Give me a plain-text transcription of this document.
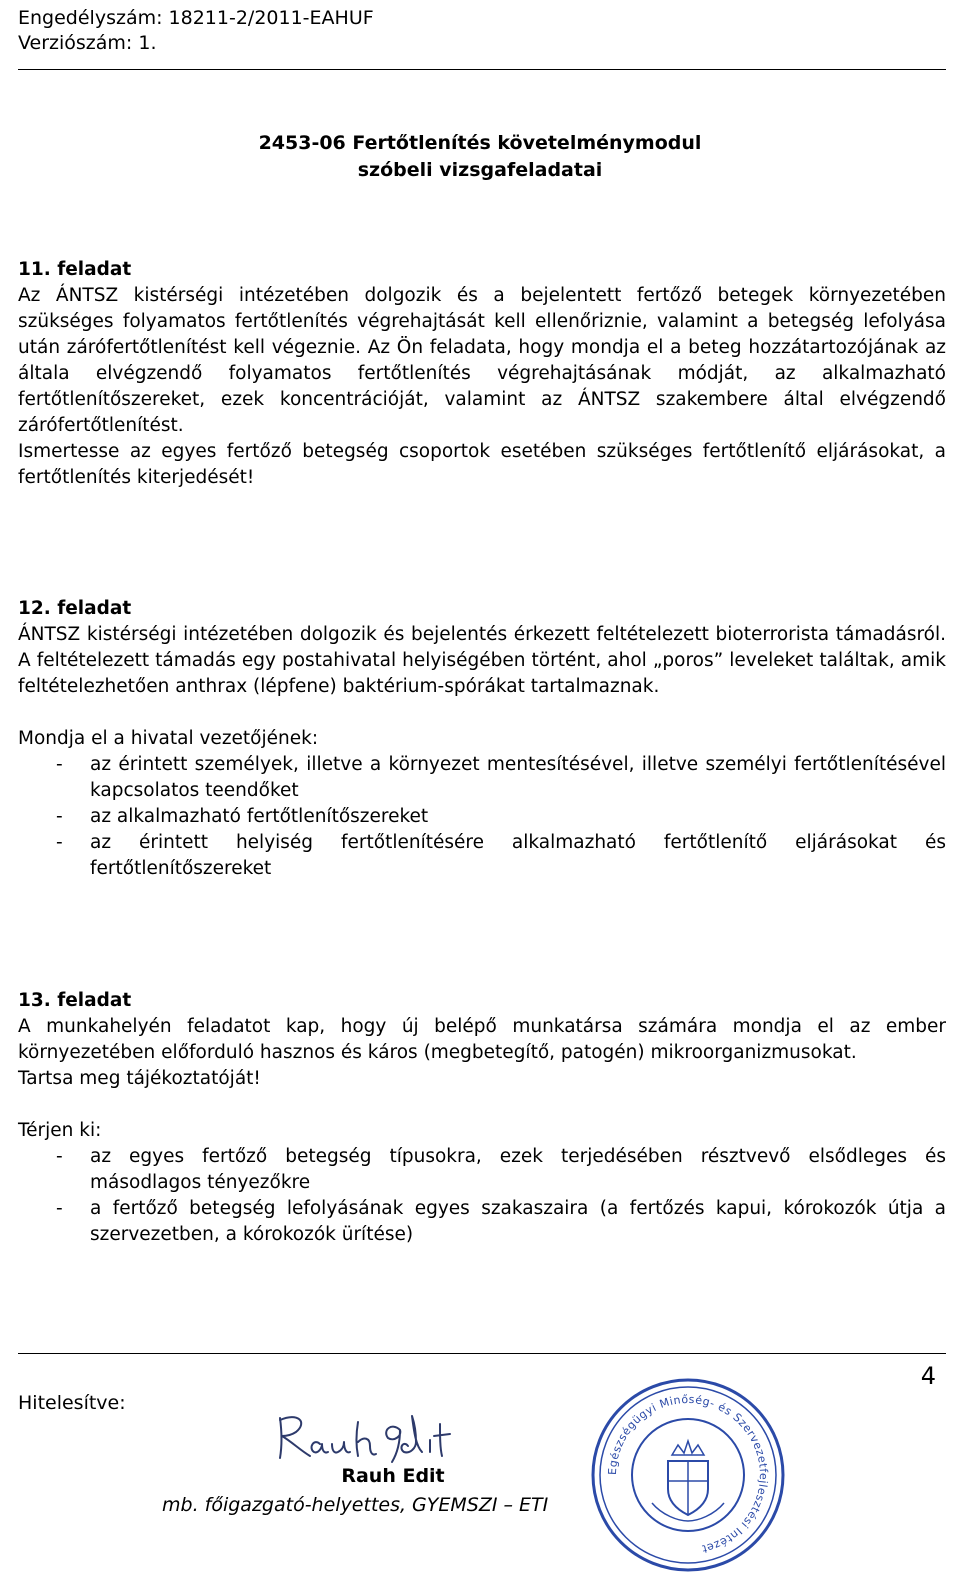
Engedélyszám: 18211-2/2011-EAHUF
Verziószám: 1.
2453-06 Fertőtlenítés követelménymodul
szóbeli vizsgafeladatai

11. feladat

Az ÁNTSZ kistérségi intézetében dolgozik és a bejelentett fertőző betegek környezetében szükséges folyamatos fertőtlenítés végrehajtását kell ellenőriznie, valamint a betegség lefolyása után zárófertőtlenítést kell végeznie. Az Ön feladata, hogy mondja el a beteg hozzátartozójának az általa elvégzendő folyamatos fertőtlenítés végrehajtásának módját, az alkalmazható fertőtlenítőszereket, ezek koncentrációját, valamint az ÁNTSZ szakembere által elvégzendő zárófertőtlenítést.

Ismertesse az egyes fertőző betegség csoportok esetében szükséges fertőtlenítő eljárásokat, a fertőtlenítés kiterjedését!

12. feladat

ÁNTSZ kistérségi intézetében dolgozik és bejelentés érkezett feltételezett bioterrorista támadásról. A feltételezett támadás egy postahivatal helyiségében történt, ahol „poros” leveleket találtak, amik feltételezhetően anthrax (lépfene) baktérium-spórákat tartalmaznak.

Mondja el a hivatal vezetőjének:

- az érintett személyek, illetve a környezet mentesítésével, illetve személyi fertőtlenítésével kapcsolatos teendőket
- az alkalmazható fertőtlenítőszereket
- az érintett helyiség fertőtlenítésére alkalmazható fertőtlenítő eljárásokat és fertőtlenítőszereket

13. feladat

A munkahelyén feladatot kap, hogy új belépő munkatársa számára mondja el az ember környezetében előforduló hasznos és káros (megbetegítő, patogén) mikroorganizmusokat.

Tartsa meg tájékoztatóját!

Térjen ki:

- az egyes fertőző betegség típusokra, ezek terjedésében résztvevő elsődleges és másodlagos tényezőkre
- a fertőző betegség lefolyásának egyes szakaszaira (a fertőzés kapui, kórokozók útja a szervezetben, a kórokozók ürítése)
4
Hitelesítve:
Rauh Edit
mb. főigazgató-helyettes, GYEMSZI – ETI
Egészségügyi Minőség- és Szervezetfejlesztési Intézet
